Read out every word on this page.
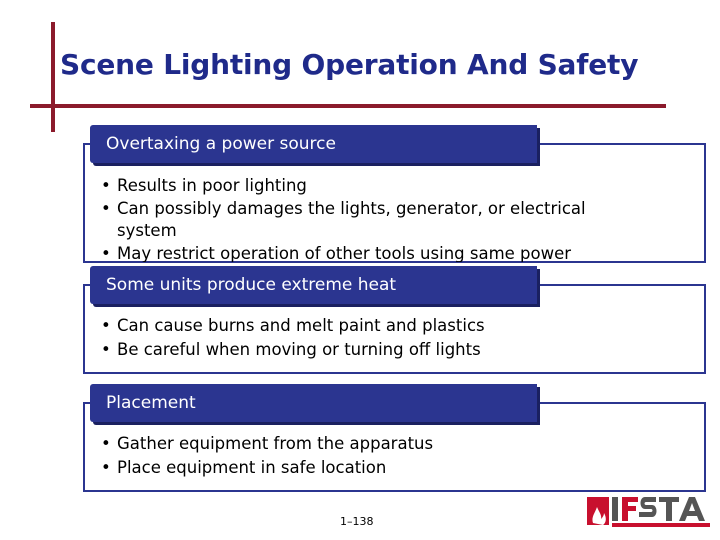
Scene Lighting Operation And Safety
Overtaxing a power source
• Results in poor lighting
• Can possibly damages the lights, generator, or electrical system
• May restrict operation of other tools using same power
Some units produce extreme heat
• Can cause burns and melt paint and plastics
• Be careful when moving or turning off lights
Placement
• Gather equipment from the apparatus
• Place equipment in safe location
1–138
